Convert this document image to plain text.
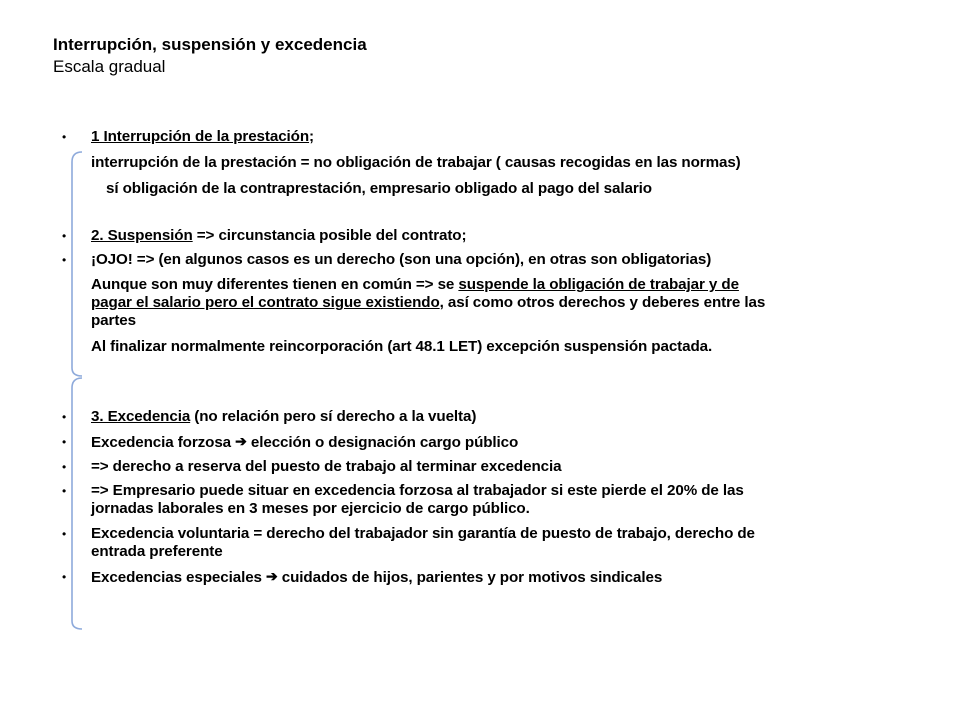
Interrupción, suspensión y excedencia
Escala gradual
• 1 Interrupción de la prestación;
interrupción de la prestación = no obligación de trabajar ( causas recogidas en las normas)
sí obligación de la contraprestación, empresario obligado al pago del salario
• 2. Suspensión => circunstancia posible del contrato;
• ¡OJO! => (en algunos casos es un derecho (son una opción), en otras son obligatorias)
Aunque son muy diferentes tienen en común => se suspende la obligación de trabajar y de
pagar el salario pero el contrato sigue existiendo, así como otros derechos y deberes entre las
partes
Al finalizar normalmente reincorporación (art 48.1 LET) excepción suspensión pactada.
• 3. Excedencia (no relación pero sí derecho a la vuelta)
• Excedencia forzosa ➔ elección o designación cargo público
• => derecho a reserva del puesto de trabajo al terminar excedencia
• => Empresario puede situar en excedencia forzosa al trabajador si este pierde el 20% de las
jornadas laborales en 3 meses por ejercicio de cargo público.
• Excedencia voluntaria = derecho del trabajador sin garantía de puesto de trabajo, derecho de
entrada preferente
• Excedencias especiales ➔ cuidados de hijos, parientes y por motivos sindicales
